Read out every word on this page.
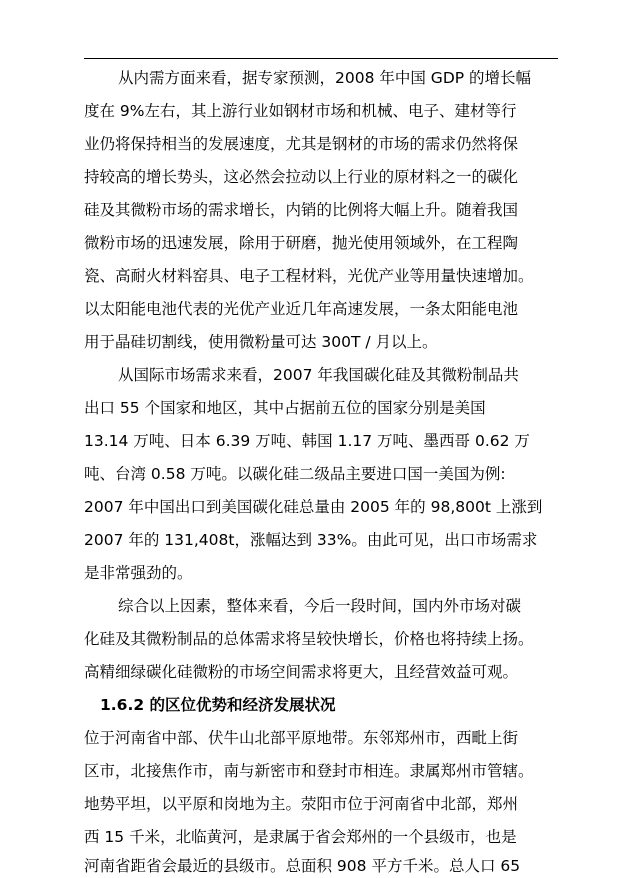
从内需方面来看，据专家预测，2008 年中国 GDP 的增长幅
度在 9%左右，其上游行业如钢材市场和机械、电子、建材等行
业仍将保持相当的发展速度，尤其是钢材的市场的需求仍然将保
持较高的增长势头，这必然会拉动以上行业的原材料之一的碳化
硅及其微粉市场的需求增长，内销的比例将大幅上升。随着我国
微粉市场的迅速发展，除用于研磨，抛光使用领域外，在工程陶
瓷、高耐火材料窑具、电子工程材料，光优产业等用量快速增加。
以太阳能电池代表的光优产业近几年高速发展，一条太阳能电池
用于晶硅切割线，使用微粉量可达 300T / 月以上。
从国际市场需求来看，2007 年我国碳化硅及其微粉制品共
出口 55 个国家和地区，其中占据前五位的国家分别是美国
13.14 万吨、日本 6.39 万吨、韩国 1.17 万吨、墨西哥 0.62 万
吨、台湾 0.58 万吨。以碳化硅二级品主要进口国一美国为例:
2007 年中国出口到美国碳化硅总量由 2005 年的 98,800t 上涨到
2007 年的 131,408t，涨幅达到 33%。由此可见，出口市场需求
是非常强劲的。
综合以上因素，整体来看，今后一段时间，国内外市场对碳
化硅及其微粉制品的总体需求将呈较快增长，价格也将持续上扬。
高精细绿碳化硅微粉的市场空间需求将更大，且经营效益可观。
1.6.2 的区位优势和经济发展状况
位于河南省中部、伏牛山北部平原地带。东邻郑州市，西毗上街
区市，北接焦作市，南与新密市和登封市相连。隶属郑州市管辖。
地势平坦，以平原和岗地为主。荥阳市位于河南省中北部，郑州
西 15 千米，北临黄河，是隶属于省会郑州的一个县级市，也是
河南省距省会最近的县级市。总面积 908 平方千米。总人口 65
